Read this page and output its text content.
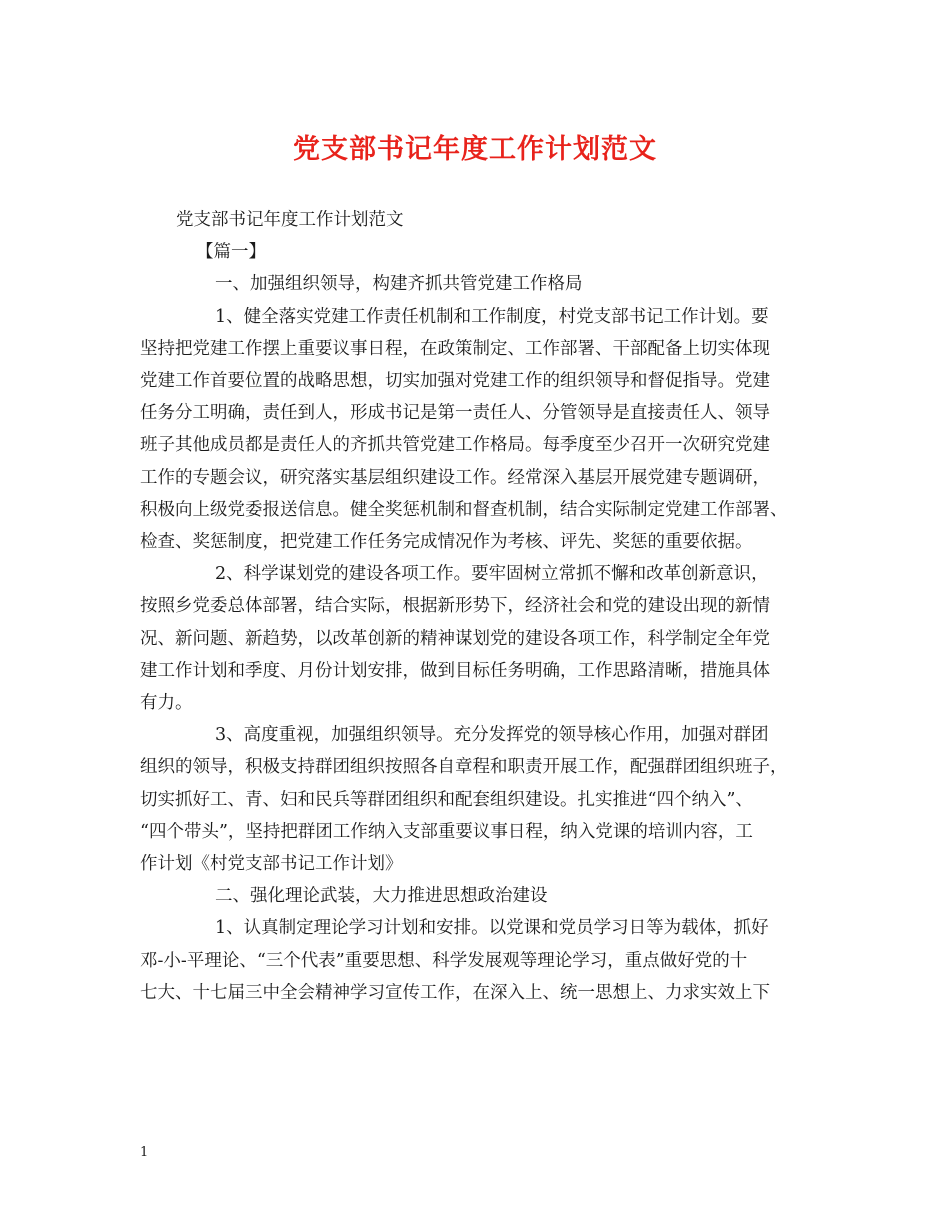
党支部书记年度工作计划范文

党支部书记年度工作计划范文

【篇一】

一、加强组织领导，构建齐抓共管党建工作格局

1、健全落实党建工作责任机制和工作制度，村党支部书记工作计划。要

坚持把党建工作摆上重要议事日程，在政策制定、工作部署、干部配备上切实体现

党建工作首要位置的战略思想，切实加强对党建工作的组织领导和督促指导。党建

任务分工明确，责任到人，形成书记是第一责任人、分管领导是直接责任人、领导

班子其他成员都是责任人的齐抓共管党建工作格局。每季度至少召开一次研究党建

工作的专题会议，研究落实基层组织建设工作。经常深入基层开展党建专题调研，

积极向上级党委报送信息。健全奖惩机制和督查机制，结合实际制定党建工作部署、

检查、奖惩制度，把党建工作任务完成情况作为考核、评先、奖惩的重要依据。

2、科学谋划党的建设各项工作。要牢固树立常抓不懈和改革创新意识，

按照乡党委总体部署，结合实际，根据新形势下，经济社会和党的建设出现的新情

况、新问题、新趋势，以改革创新的精神谋划党的建设各项工作，科学制定全年党

建工作计划和季度、月份计划安排，做到目标任务明确，工作思路清晰，措施具体

有力。

3、高度重视，加强组织领导。充分发挥党的领导核心作用，加强对群团

组织的领导，积极支持群团组织按照各自章程和职责开展工作，配强群团组织班子，

切实抓好工、青、妇和民兵等群团组织和配套组织建设。扎实推进“四个纳入”、

“四个带头”，坚持把群团工作纳入支部重要议事日程，纳入党课的培训内容，工

作计划《村党支部书记工作计划》

二、强化理论武装，大力推进思想政治建设

1、认真制定理论学习计划和安排。以党课和党员学习日等为载体，抓好

邓-小-平理论、“三个代表”重要思想、科学发展观等理论学习，重点做好党的十

七大、十七届三中全会精神学习宣传工作，在深入上、统一思想上、力求实效上下

1
